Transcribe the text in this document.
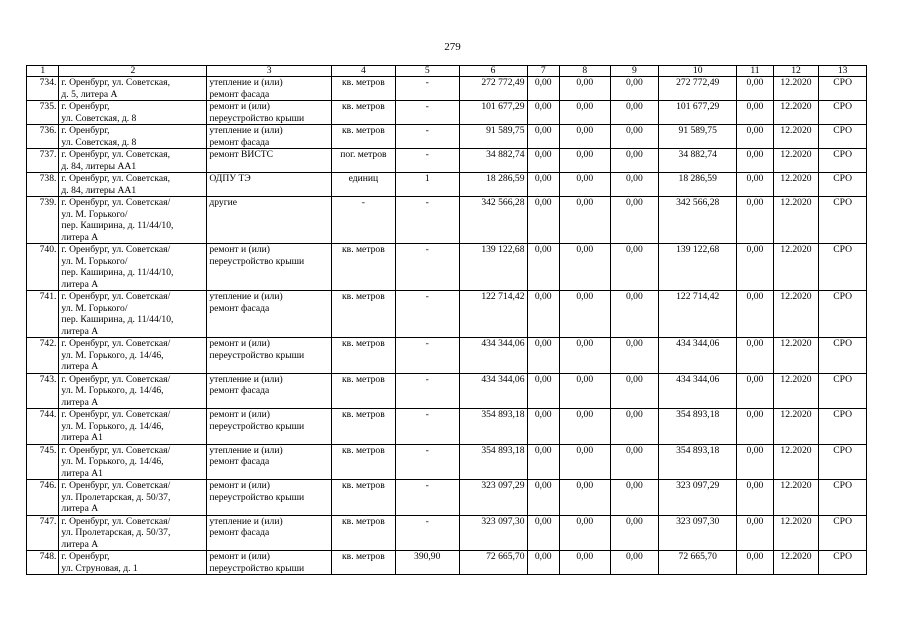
279
1	2	3	4	5	6	7	8	9	10	11	12	13
734.	г. Оренбург, ул. Советская,
д. 5, литера А	утепление и (или)
ремонт фасада	кв. метров	-	272 772,49	0,00	0,00	0,00	272 772,49	0,00	12.2020	СРО
735.	г. Оренбург,
ул. Советская, д. 8	ремонт и (или)
переустройство крыши	кв. метров	-	101 677,29	0,00	0,00	0,00	101 677,29	0,00	12.2020	СРО
736.	г. Оренбург,
ул. Советская, д. 8	утепление и (или)
ремонт фасада	кв. метров	-	91 589,75	0,00	0,00	0,00	91 589,75	0,00	12.2020	СРО
737.	г. Оренбург, ул. Советская,
д. 84, литеры АА1	ремонт ВИСТС	пог. метров	-	34 882,74	0,00	0,00	0,00	34 882,74	0,00	12.2020	СРО
738.	г. Оренбург, ул. Советская,
д. 84, литеры АА1	ОДПУ ТЭ	единиц	1	18 286,59	0,00	0,00	0,00	18 286,59	0,00	12.2020	СРО
739.	г. Оренбург, ул. Советская/
ул. М. Горького/
пер. Каширина, д. 11/44/10,
литера А	другие	-	-	342 566,28	0,00	0,00	0,00	342 566,28	0,00	12.2020	СРО
740.	г. Оренбург, ул. Советская/
ул. М. Горького/
пер. Каширина, д. 11/44/10,
литера А	ремонт и (или)
переустройство крыши	кв. метров	-	139 122,68	0,00	0,00	0,00	139 122,68	0,00	12.2020	СРО
741.	г. Оренбург, ул. Советская/
ул. М. Горького/
пер. Каширина, д. 11/44/10,
литера А	утепление и (или)
ремонт фасада	кв. метров	-	122 714,42	0,00	0,00	0,00	122 714,42	0,00	12.2020	СРО
742.	г. Оренбург, ул. Советская/
ул. М. Горького, д. 14/46,
литера А	ремонт и (или)
переустройство крыши	кв. метров	-	434 344,06	0,00	0,00	0,00	434 344,06	0,00	12.2020	СРО
743.	г. Оренбург, ул. Советская/
ул. М. Горького, д. 14/46,
литера А	утепление и (или)
ремонт фасада	кв. метров	-	434 344,06	0,00	0,00	0,00	434 344,06	0,00	12.2020	СРО
744.	г. Оренбург, ул. Советская/
ул. М. Горького, д. 14/46,
литера А1	ремонт и (или)
переустройство крыши	кв. метров	-	354 893,18	0,00	0,00	0,00	354 893,18	0,00	12.2020	СРО
745.	г. Оренбург, ул. Советская/
ул. М. Горького, д. 14/46,
литера А1	утепление и (или)
ремонт фасада	кв. метров	-	354 893,18	0,00	0,00	0,00	354 893,18	0,00	12.2020	СРО
746.	г. Оренбург, ул. Советская/
ул. Пролетарская, д. 50/37,
литера А	ремонт и (или)
переустройство крыши	кв. метров	-	323 097,29	0,00	0,00	0,00	323 097,29	0,00	12.2020	СРО
747.	г. Оренбург, ул. Советская/
ул. Пролетарская, д. 50/37,
литера А	утепление и (или)
ремонт фасада	кв. метров	-	323 097,30	0,00	0,00	0,00	323 097,30	0,00	12.2020	СРО
748.	г. Оренбург,
ул. Струновая, д. 1	ремонт и (или)
переустройство крыши	кв. метров	390,90	72 665,70	0,00	0,00	0,00	72 665,70	0,00	12.2020	СРО
